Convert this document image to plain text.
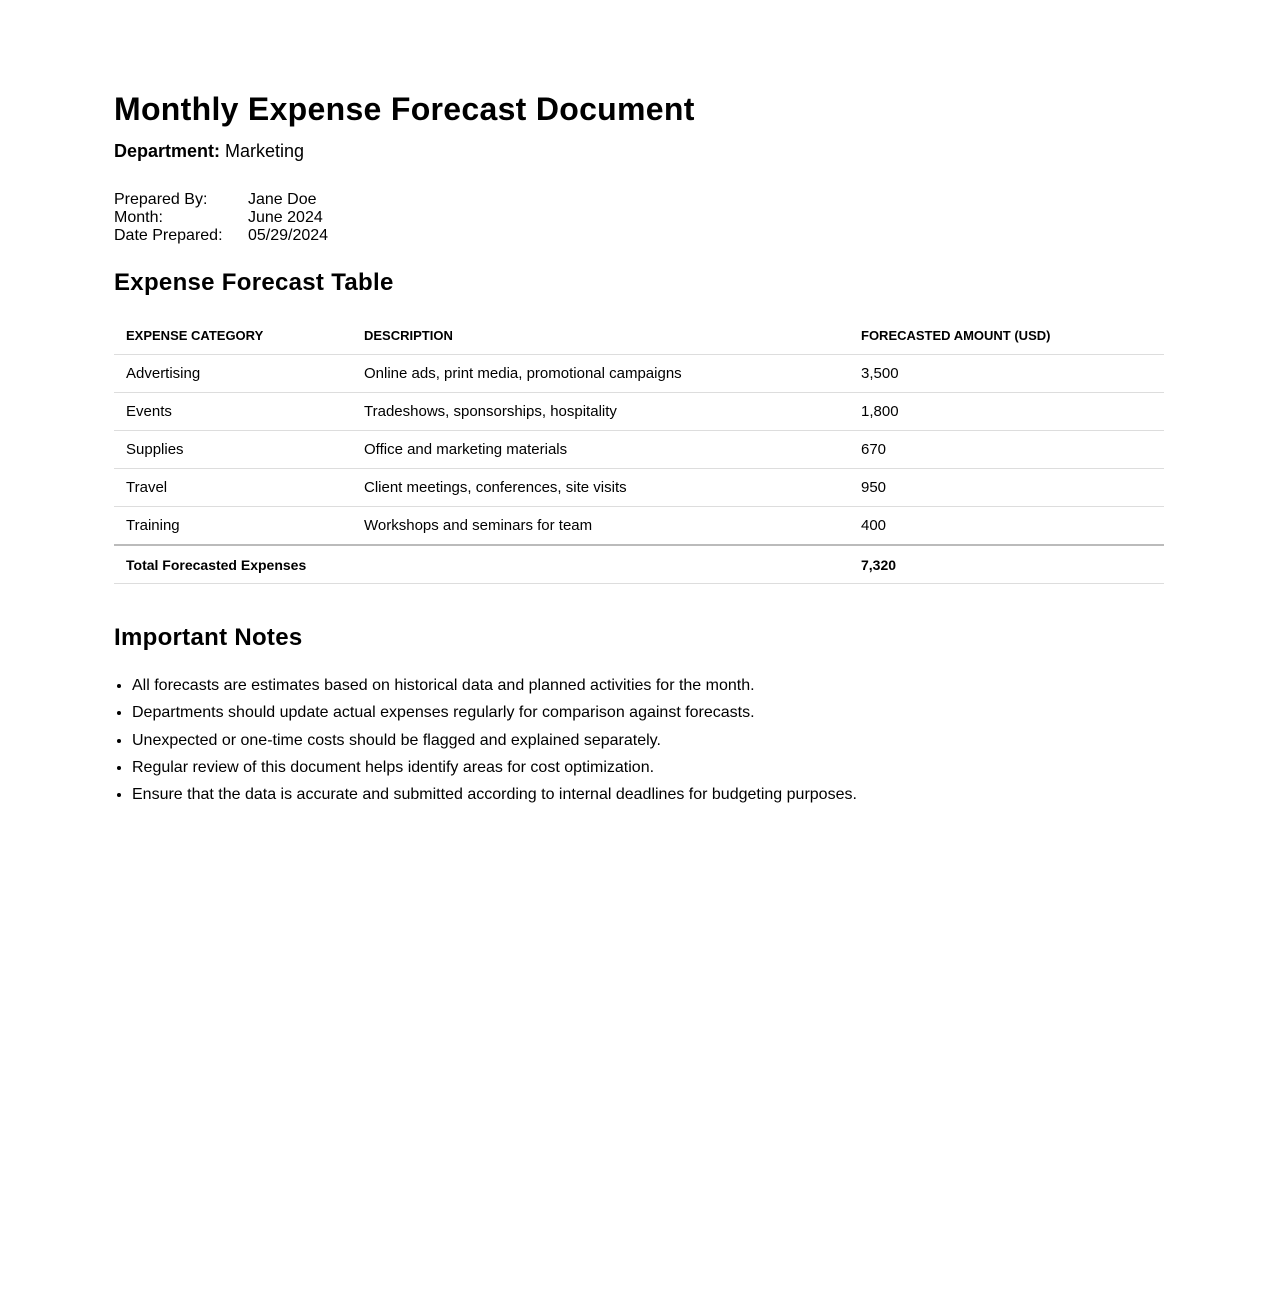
Monthly Expense Forecast Document
Department: Marketing
Prepared By:	Jane Doe
Month:	June 2024
Date Prepared:	05/29/2024
Expense Forecast Table
EXPENSE CATEGORY	DESCRIPTION	FORECASTED AMOUNT (USD)
Advertising	Online ads, print media, promotional campaigns	3,500
Events	Tradeshows, sponsorships, hospitality	1,800
Supplies	Office and marketing materials	670
Travel	Client meetings, conferences, site visits	950
Training	Workshops and seminars for team	400
Total Forecasted Expenses		7,320
Important Notes
• All forecasts are estimates based on historical data and planned activities for the month.
• Departments should update actual expenses regularly for comparison against forecasts.
• Unexpected or one-time costs should be flagged and explained separately.
• Regular review of this document helps identify areas for cost optimization.
• Ensure that the data is accurate and submitted according to internal deadlines for budgeting purposes.
